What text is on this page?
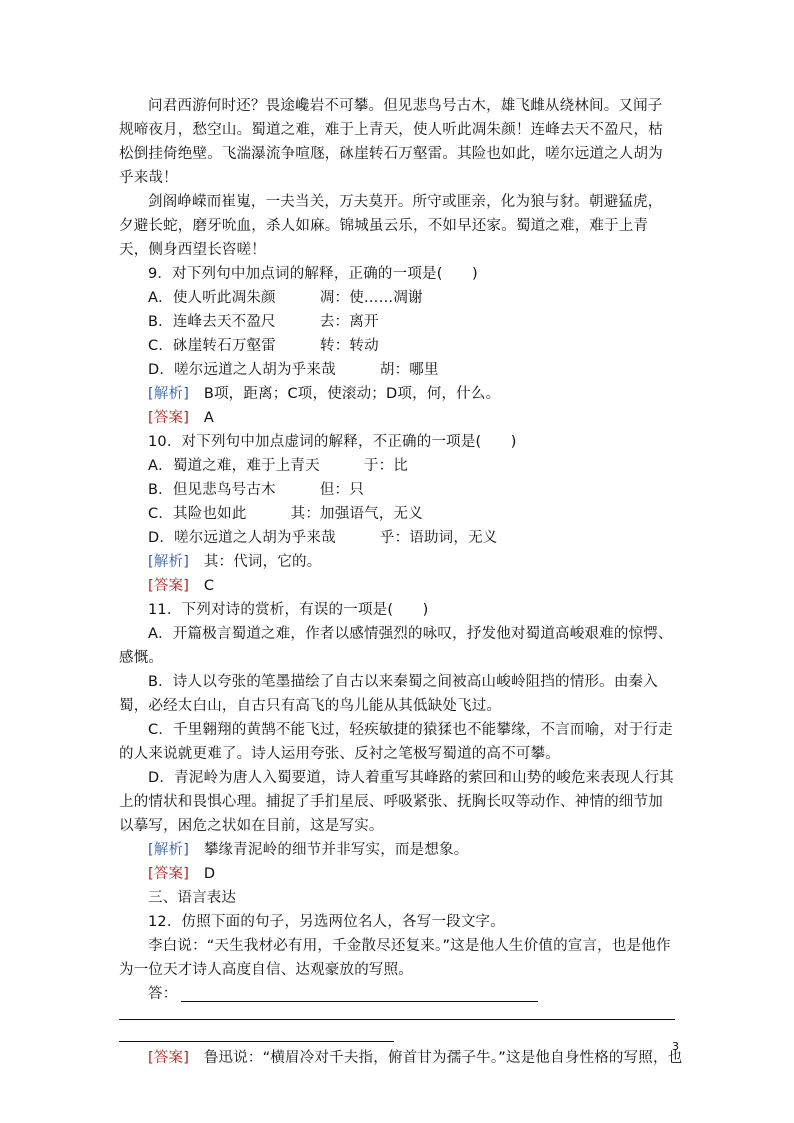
问君西游何时还？畏途巉岩不可攀。但见悲鸟号古木，雄飞雌从绕林间。又闻子规啼夜月，愁空山。蜀道之难，难于上青天，使人听此凋朱颜！连峰去天不盈尺，枯松倒挂倚绝壁。飞湍瀑流争喧豗，砯崖转石万壑雷。其险也如此，嗟尔远道之人胡为乎来哉！

剑阁峥嵘而崔嵬，一夫当关，万夫莫开。所守或匪亲，化为狼与豺。朝避猛虎，夕避长蛇，磨牙吮血，杀人如麻。锦城虽云乐，不如早还家。蜀道之难，难于上青天，侧身西望长咨嗟！

9．对下列句中加点词的解释，正确的一项是(　　)

A．使人听此凋朱颜　　　凋：使……凋谢

B．连峰去天不盈尺　　　去：离开

C．砯崖转石万壑雷　　　转：转动

D．嗟尔远道之人胡为乎来哉　　　胡：哪里

[解析]　 B项，距离；C项，使滚动；D项，何，什么。

[答案]　 A

10．对下列句中加点虚词的解释，不正确的一项是(　　)

A．蜀道之难，难于上青天　　　于：比

B．但见悲鸟号古木　　　但：只

C．其险也如此　　　其：加强语气，无义

D．嗟尔远道之人胡为乎来哉　　　乎：语助词，无义

[解析]　 其：代词，它的。

[答案]　 C

11．下列对诗的赏析，有误的一项是(　　)

A．开篇极言蜀道之难，作者以感情强烈的咏叹，抒发他对蜀道高峻艰难的惊愕、感慨。

B．诗人以夸张的笔墨描绘了自古以来秦蜀之间被高山峻岭阻挡的情形。由秦入蜀，必经太白山，自古只有高飞的鸟儿能从其低缺处飞过。

C．千里翱翔的黄鹄不能飞过，轻疾敏捷的猿猱也不能攀缘，不言而喻，对于行走的人来说就更难了。诗人运用夸张、反衬之笔极写蜀道的高不可攀。

D．青泥岭为唐人入蜀要道，诗人着重写其峰路的萦回和山势的峻危来表现人行其上的情状和畏惧心理。捕捉了手扪星辰、呼吸紧张、抚胸长叹等动作、神情的细节加以摹写，困危之状如在目前，这是写实。

[解析]　 攀缘青泥岭的细节并非写实，而是想象。

[答案]　 D

三、语言表达

12．仿照下面的句子，另选两位名人，各写一段文字。

李白说：“天生我材必有用，千金散尽还复来。”这是他人生价值的宣言，也是他作为一位天才诗人高度自信、达观豪放的写照。

答：

[答案]　 鲁迅说：“横眉冷对千夫指，俯首甘为孺子牛。”这是他自身性格的写照，也

3
